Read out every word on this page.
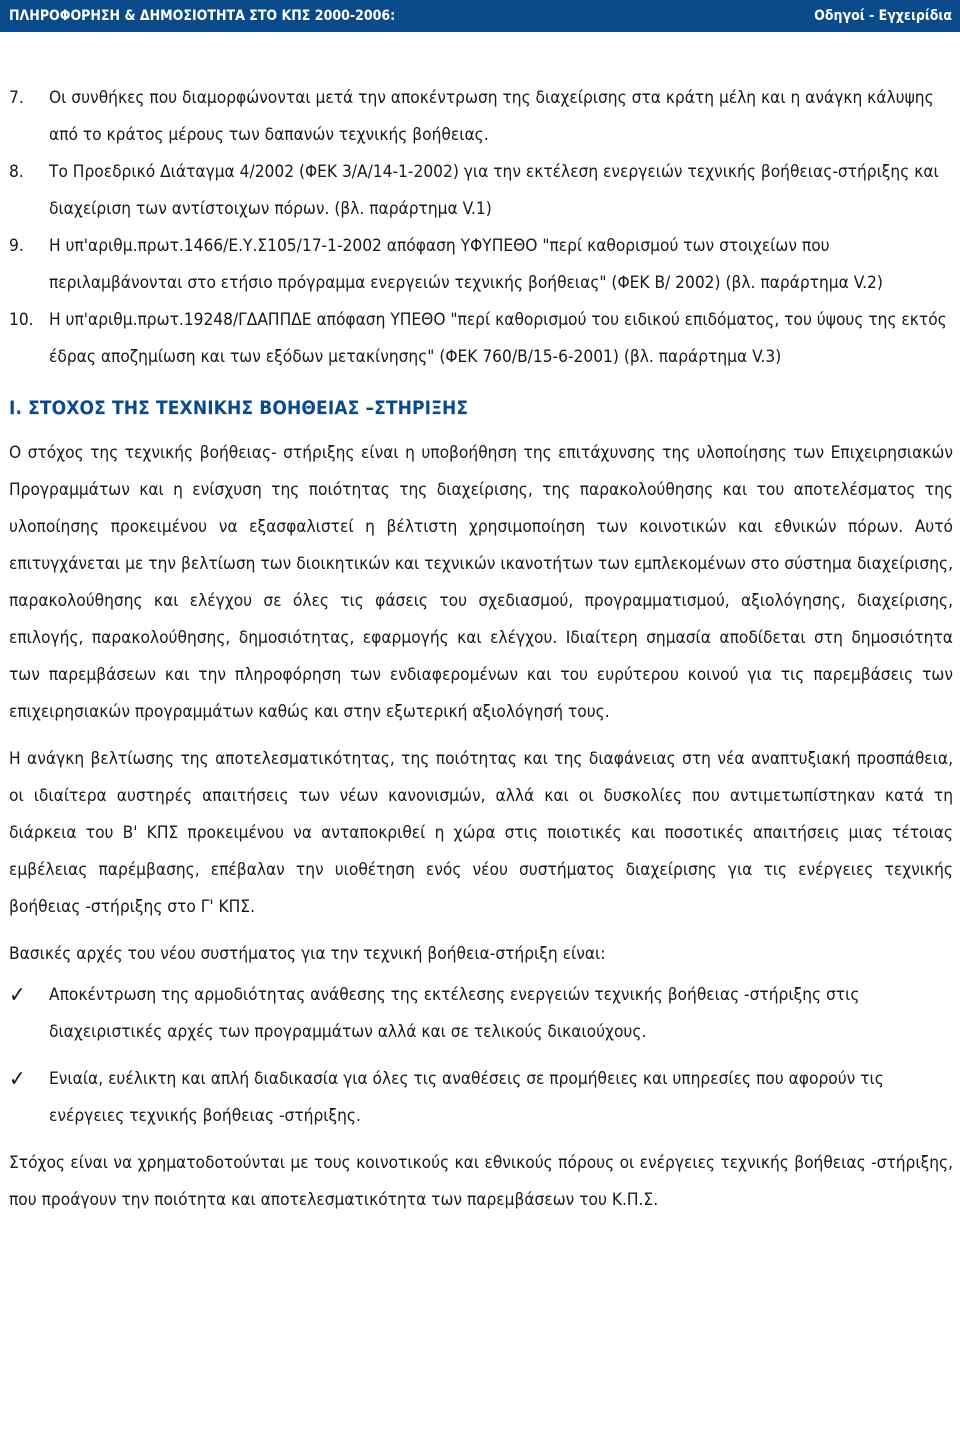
ΠΛΗΡΟΦΟΡΗΣΗ & ΔΗΜΟΣΙΟΤΗΤΑ ΣΤΟ ΚΠΣ 2000-2006:	Οδηγοί - Εγχειρίδια
7. Οι συνθήκες που διαμορφώνονται μετά την αποκέντρωση της διαχείρισης στα κράτη μέλη και η ανάγκη κάλυψης από το κράτος μέρους των δαπανών τεχνικής βοήθειας.
8. Το Προεδρικό Διάταγμα 4/2002 (ΦΕΚ 3/Α/14-1-2002) για την εκτέλεση ενεργειών τεχνικής βοήθειας-στήριξης και διαχείριση των αντίστοιχων πόρων. (βλ. παράρτημα V.1)
9. Η υπ'αριθμ.πρωτ.1466/Ε.Υ.Σ105/17-1-2002 απόφαση ΥΦΥΠΕΘΟ "περί καθορισμού των στοιχείων που περιλαμβάνονται στο ετήσιο πρόγραμμα ενεργειών τεχνικής βοήθειας" (ΦΕΚ Β/ 2002) (βλ. παράρτημα V.2)
10. Η υπ'αριθμ.πρωτ.19248/ΓΔΑΠΠΔΕ απόφαση ΥΠΕΘΟ "περί καθορισμού του ειδικού επιδόματος, του ύψους της εκτός έδρας αποζημίωση και των εξόδων μετακίνησης" (ΦΕΚ 760/Β/15-6-2001) (βλ. παράρτημα V.3)
Ι. ΣΤΟΧΟΣ ΤΗΣ ΤΕΧΝΙΚΗΣ ΒΟΗΘΕΙΑΣ –ΣΤΗΡΙΞΗΣ

Ο στόχος της τεχνικής βοήθειας- στήριξης είναι η υποβοήθηση της επιτάχυνσης της υλοποίησης των Επιχειρησιακών Προγραμμάτων και η ενίσχυση της ποιότητας της διαχείρισης, της παρακολούθησης και του αποτελέσματος της υλοποίησης προκειμένου να εξασφαλιστεί η βέλτιστη χρησιμοποίηση των κοινοτικών και εθνικών πόρων. Αυτό επιτυγχάνεται με την βελτίωση των διοικητικών και τεχνικών ικανοτήτων των εμπλεκομένων στο σύστημα διαχείρισης, παρακολούθησης και ελέγχου σε όλες τις φάσεις του σχεδιασμού, προγραμματισμού, αξιολόγησης, διαχείρισης, επιλογής, παρακολούθησης, δημοσιότητας, εφαρμογής και ελέγχου. Ιδιαίτερη σημασία αποδίδεται στη δημοσιότητα των παρεμβάσεων και την πληροφόρηση των ενδιαφερομένων και του ευρύτερου κοινού για τις παρεμβάσεις των επιχειρησιακών προγραμμάτων καθώς και στην εξωτερική αξιολόγησή τους.

Η ανάγκη βελτίωσης της αποτελεσματικότητας, της ποιότητας και της διαφάνειας στη νέα αναπτυξιακή προσπάθεια, οι ιδιαίτερα αυστηρές απαιτήσεις των νέων κανονισμών, αλλά και οι δυσκολίες που αντιμετωπίστηκαν κατά τη διάρκεια του Β' ΚΠΣ προκειμένου να ανταποκριθεί η χώρα στις ποιοτικές και ποσοτικές απαιτήσεις μιας τέτοιας εμβέλειας παρέμβασης, επέβαλαν την υιοθέτηση ενός νέου συστήματος διαχείρισης για τις ενέργειες τεχνικής βοήθειας -στήριξης στο Γ' ΚΠΣ.

Βασικές αρχές του νέου συστήματος για την τεχνική βοήθεια-στήριξη είναι:

✓ Αποκέντρωση της αρμοδιότητας ανάθεσης της εκτέλεσης ενεργειών τεχνικής βοήθειας -στήριξης στις διαχειριστικές αρχές των προγραμμάτων αλλά και σε τελικούς δικαιούχους.
✓ Ενιαία, ευέλικτη και απλή διαδικασία για όλες τις αναθέσεις σε προμήθειες και υπηρεσίες που αφορούν τις ενέργειες τεχνικής βοήθειας -στήριξης.

Στόχος είναι να χρηματοδοτούνται με τους κοινοτικούς και εθνικούς πόρους οι ενέργειες τεχνικής βοήθειας -στήριξης, που προάγουν την ποιότητα και αποτελεσματικότητα των παρεμβάσεων του Κ.Π.Σ.
